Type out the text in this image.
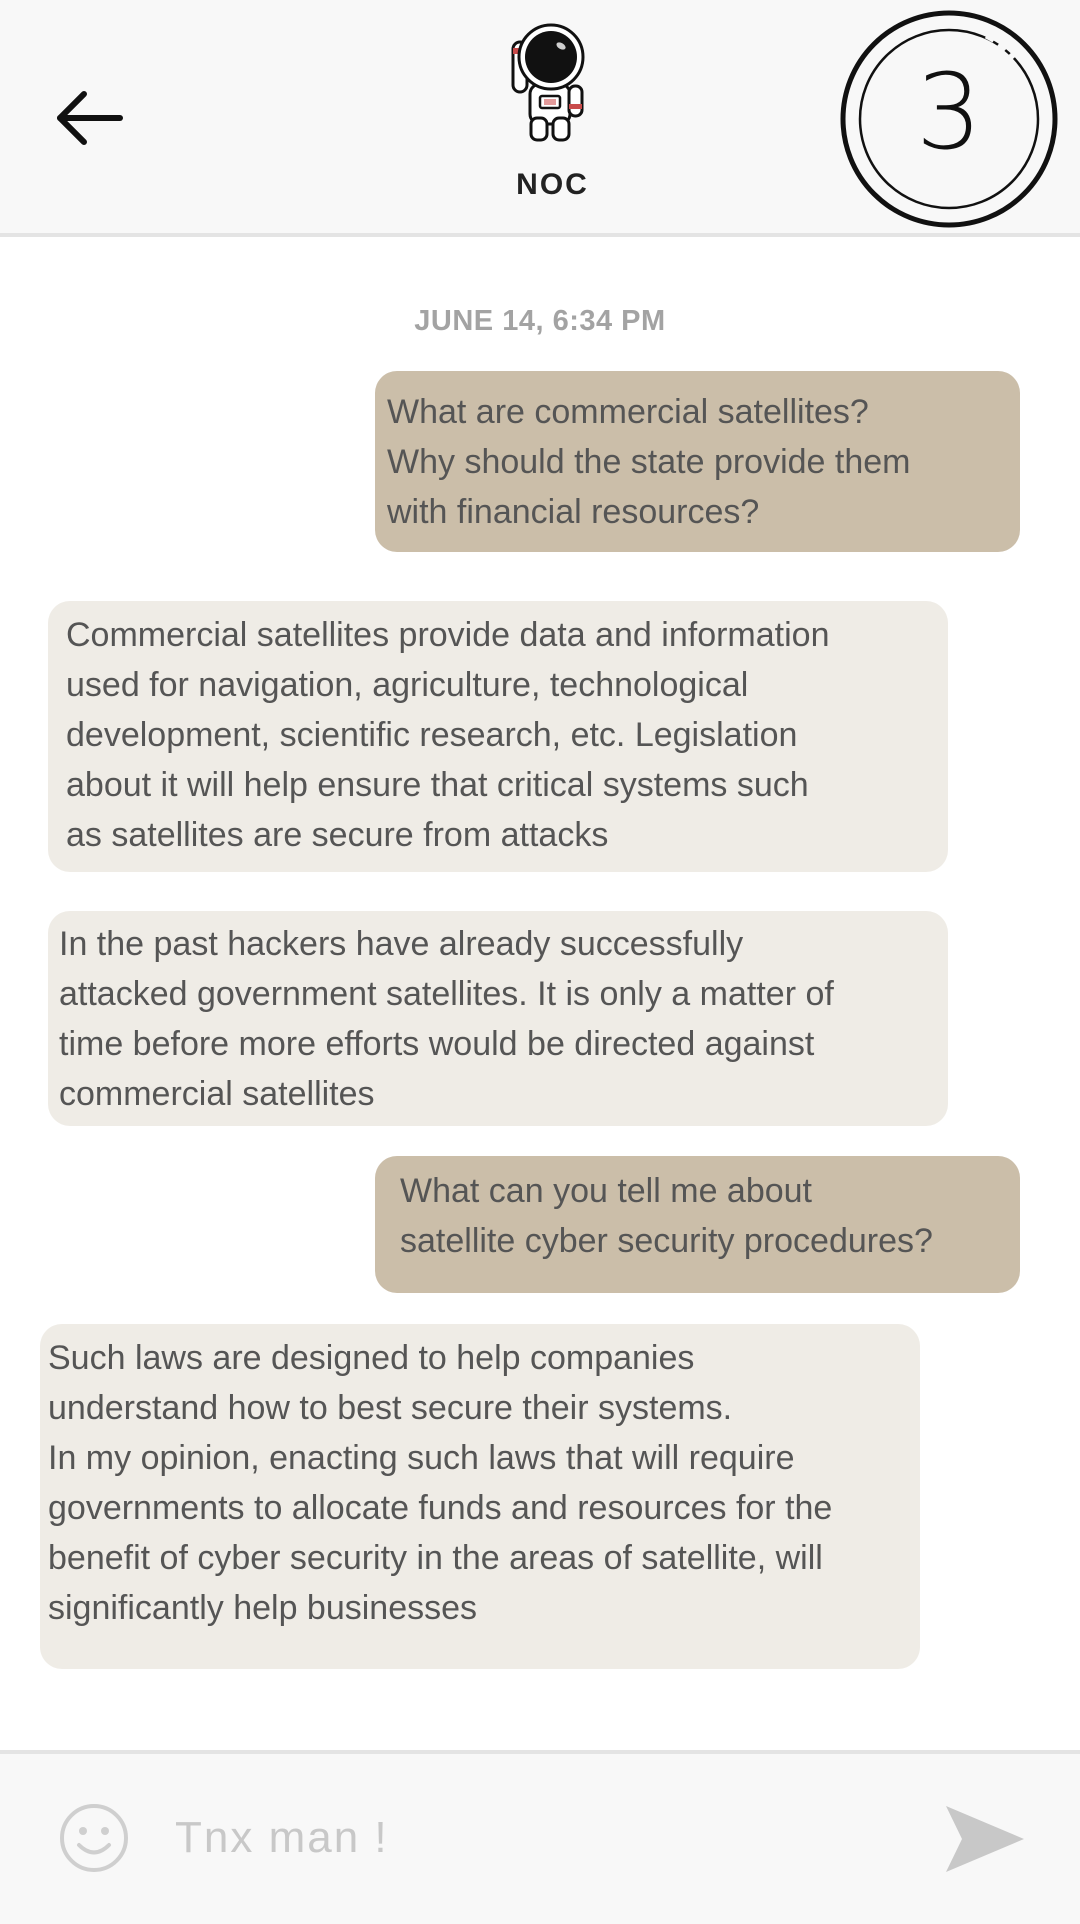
NOC
3
JUNE 14, 6:34 PM
What are commercial satellites?
Why should the state provide them
with financial resources?
Commercial satellites provide data and information
used for navigation, agriculture, technological
development, scientific research, etc. Legislation
about it will help ensure that critical systems such
as satellites are secure from attacks
In the past hackers have already successfully
attacked government satellites. It is only a matter of
time before more efforts would be directed against
commercial satellites
What can you tell me about
satellite cyber security procedures?
Such laws are designed to help companies
understand how to best secure their systems.
In my opinion, enacting such laws that will require
governments to allocate funds and resources for the
benefit of cyber security in the areas of satellite, will
significantly help businesses
Tnx man !
